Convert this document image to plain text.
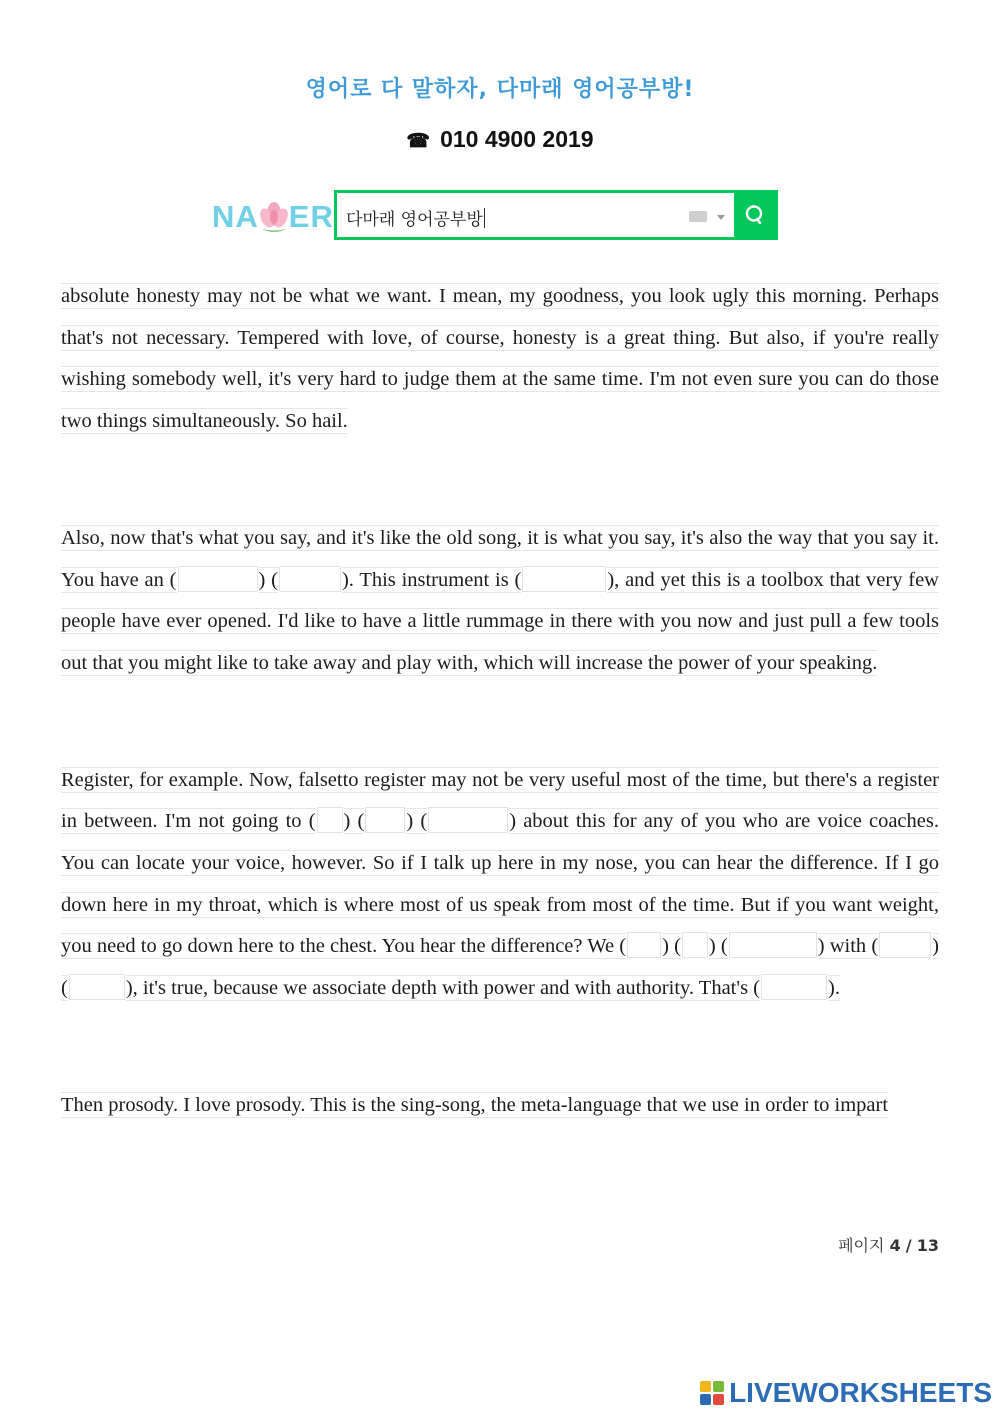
영어로 다 말하자, 다마래 영어공부방!
☎ 010 4900 2019
NA ER 다마래 영어공부방

absolute honesty may not be what we want. I mean, my goodness, you look ugly this morning. Perhaps that's not necessary. Tempered with love, of course, honesty is a great thing. But also, if you're really wishing somebody well, it's very hard to judge them at the same time. I'm not even sure you can do those two things simultaneously. So hail.

Also, now that's what you say, and it's like the old song, it is what you say, it's also the way that you say it. You have an (	) (	). This instrument is (	), and yet this is a toolbox that very few people have ever opened. I'd like to have a little rummage in there with you now and just pull a few tools out that you might like to take away and play with, which will increase the power of your speaking.

Register, for example. Now, falsetto register may not be very useful most of the time, but there's a register in between. I'm not going to ( ) ( ) (	) about this for any of you who are voice coaches. You can locate your voice, however. So if I talk up here in my nose, you can hear the difference. If I go down here in my throat, which is where most of us speak from most of the time. But if you want weight, you need to go down here to the chest. You hear the difference? We ( ) ( ) (	) with (	) (	), it's true, because we associate depth with power and with authority. That's (	).

Then prosody. I love prosody. This is the sing-song, the meta-language that we use in order to impart

페이지 4 / 13
LIVEWORKSHEETS
